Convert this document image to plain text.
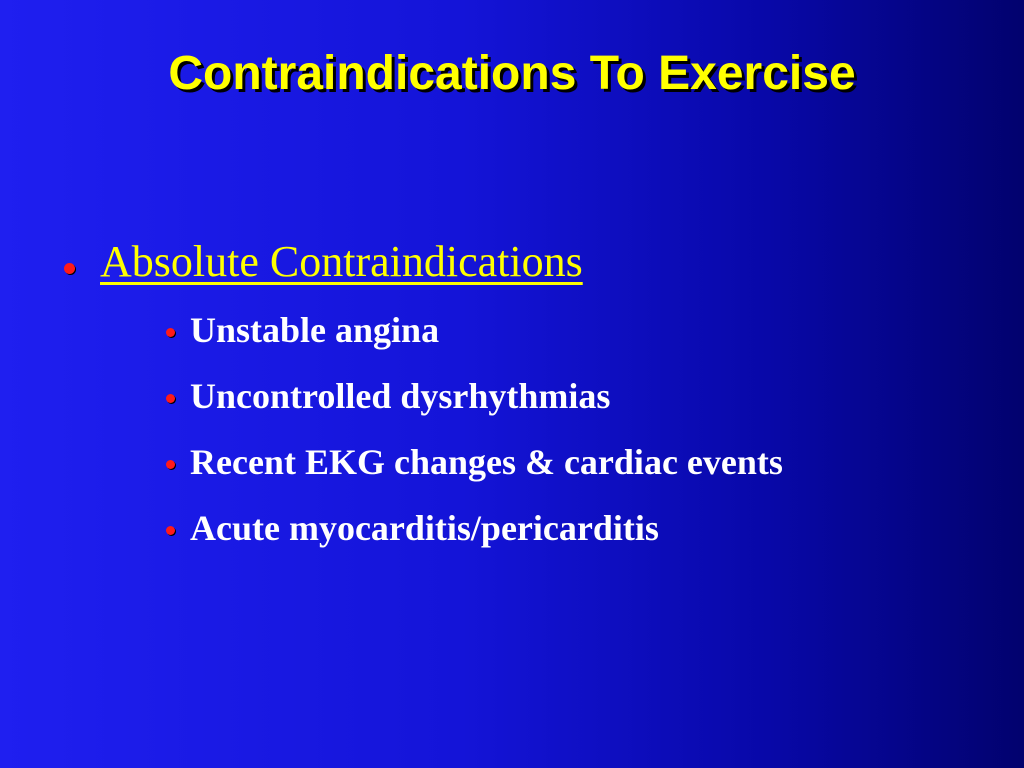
Contraindications To Exercise
Absolute Contraindications
Unstable angina
Uncontrolled dysrhythmias
Recent EKG changes & cardiac events
Acute myocarditis/pericarditis
